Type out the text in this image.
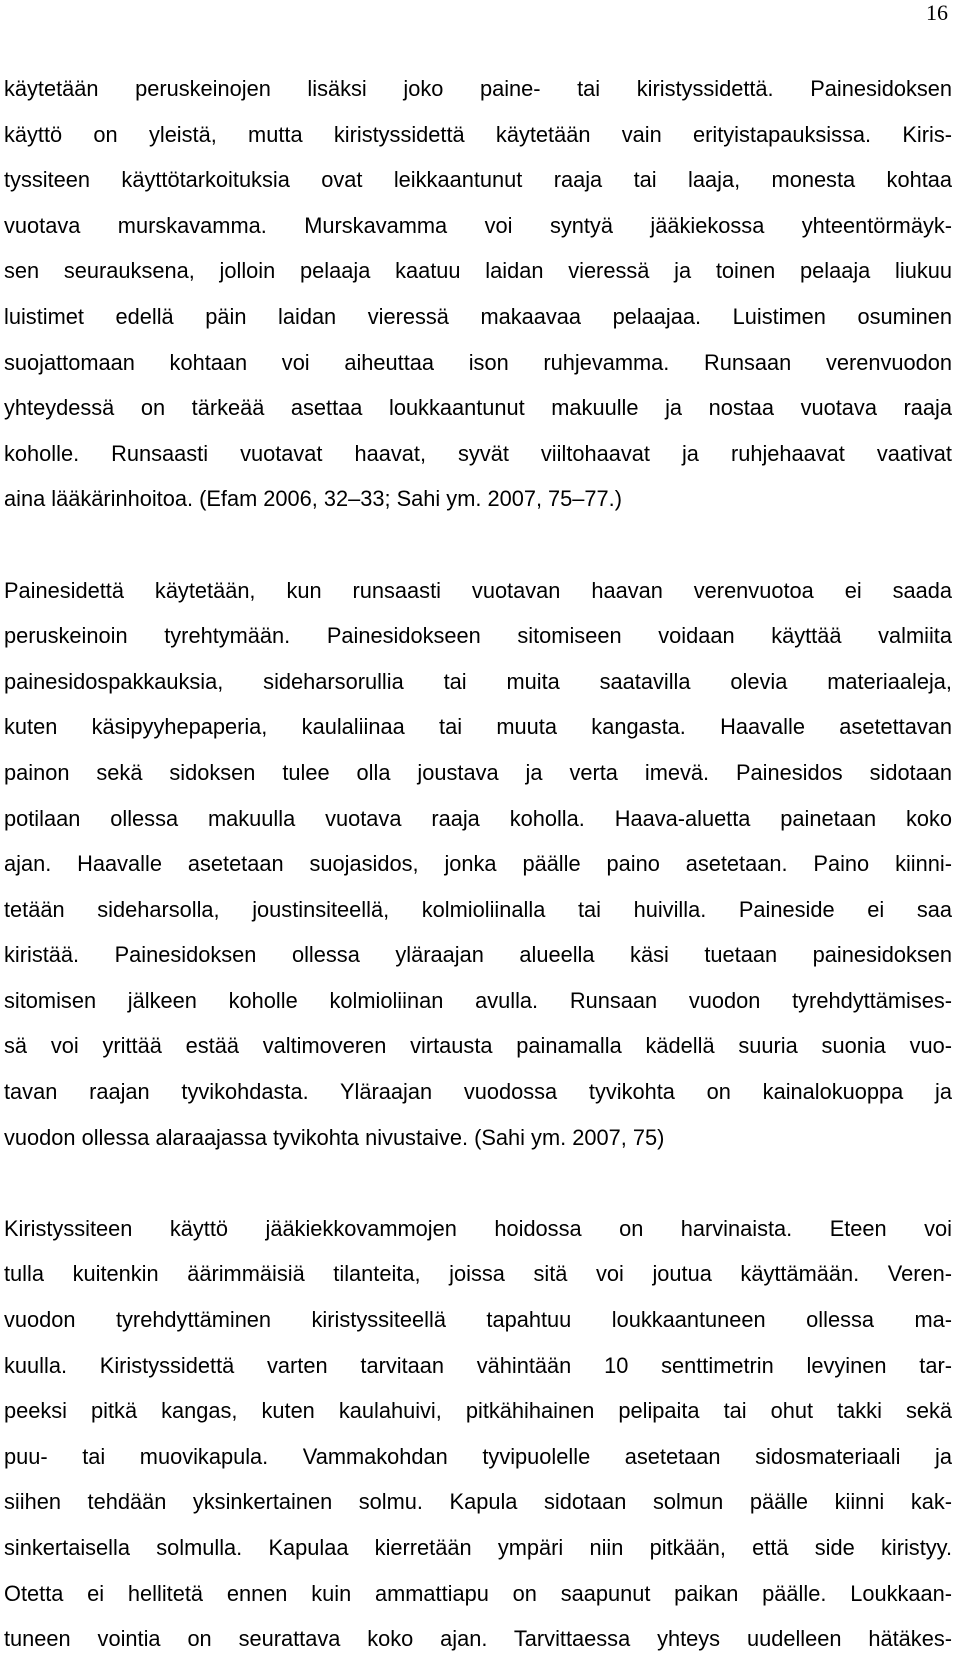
16
käytetään peruskeinojen lisäksi joko paine- tai kiristyssidettä. Painesidoksen
käyttö on yleistä, mutta kiristyssidettä käytetään vain erityistapauksissa. Kiris-
tyssiteen käyttötarkoituksia ovat leikkaantunut raaja tai laaja, monesta kohtaa
vuotava murskavamma. Murskavamma voi syntyä jääkiekossa yhteentörmäyk-
sen seurauksena, jolloin pelaaja kaatuu laidan vieressä ja toinen pelaaja liukuu
luistimet edellä päin laidan vieressä makaavaa pelaajaa. Luistimen osuminen
suojattomaan kohtaan voi aiheuttaa ison ruhjevamma. Runsaan verenvuodon
yhteydessä on tärkeää asettaa loukkaantunut makuulle ja nostaa vuotava raaja
koholle. Runsaasti vuotavat haavat, syvät viiltohaavat ja ruhjehaavat vaativat
aina lääkärinhoitoa. (Efam 2006, 32–33; Sahi ym. 2007, 75–77.)
Painesidettä käytetään, kun runsaasti vuotavan haavan verenvuotoa ei saada
peruskeinoin tyrehtymään. Painesidokseen sitomiseen voidaan käyttää valmiita
painesidospakkauksia, sideharsorullia tai muita saatavilla olevia materiaaleja,
kuten käsipyyhepaperia, kaulaliinaa tai muuta kangasta. Haavalle asetettavan
painon sekä sidoksen tulee olla joustava ja verta imevä. Painesidos sidotaan
potilaan ollessa makuulla vuotava raaja koholla. Haava-aluetta painetaan koko
ajan. Haavalle asetetaan suojasidos, jonka päälle paino asetetaan. Paino kiinni-
tetään sideharsolla, joustinsiteellä, kolmioliinalla tai huivilla. Paineside ei saa
kiristää. Painesidoksen ollessa yläraajan alueella käsi tuetaan painesidoksen
sitomisen jälkeen koholle kolmioliinan avulla. Runsaan vuodon tyrehdyttämises-
sä voi yrittää estää valtimoveren virtausta painamalla kädellä suuria suonia vuo-
tavan raajan tyvikohdasta. Yläraajan vuodossa tyvikohta on kainalokuoppa ja
vuodon ollessa alaraajassa tyvikohta nivustaive. (Sahi ym. 2007, 75)
Kiristyssiteen käyttö jääkiekkovammojen hoidossa on harvinaista. Eteen voi
tulla kuitenkin äärimmäisiä tilanteita, joissa sitä voi joutua käyttämään. Veren-
vuodon tyrehdyttäminen kiristyssiteellä tapahtuu loukkaantuneen ollessa ma-
kuulla. Kiristyssidettä varten tarvitaan vähintään 10 senttimetrin levyinen tar-
peeksi pitkä kangas, kuten kaulahuivi, pitkähihainen pelipaita tai ohut takki sekä
puu- tai muovikapula. Vammakohdan tyvipuolelle asetetaan sidosmateriaali ja
siihen tehdään yksinkertainen solmu. Kapula sidotaan solmun päälle kiinni kak-
sinkertaisella solmulla. Kapulaa kierretään ympäri niin pitkään, että side kiristyy.
Otetta ei hellitetä ennen kuin ammattiapu on saapunut paikan päälle. Loukkaan-
tuneen vointia on seurattava koko ajan. Tarvittaessa yhteys uudelleen hätäkes-
